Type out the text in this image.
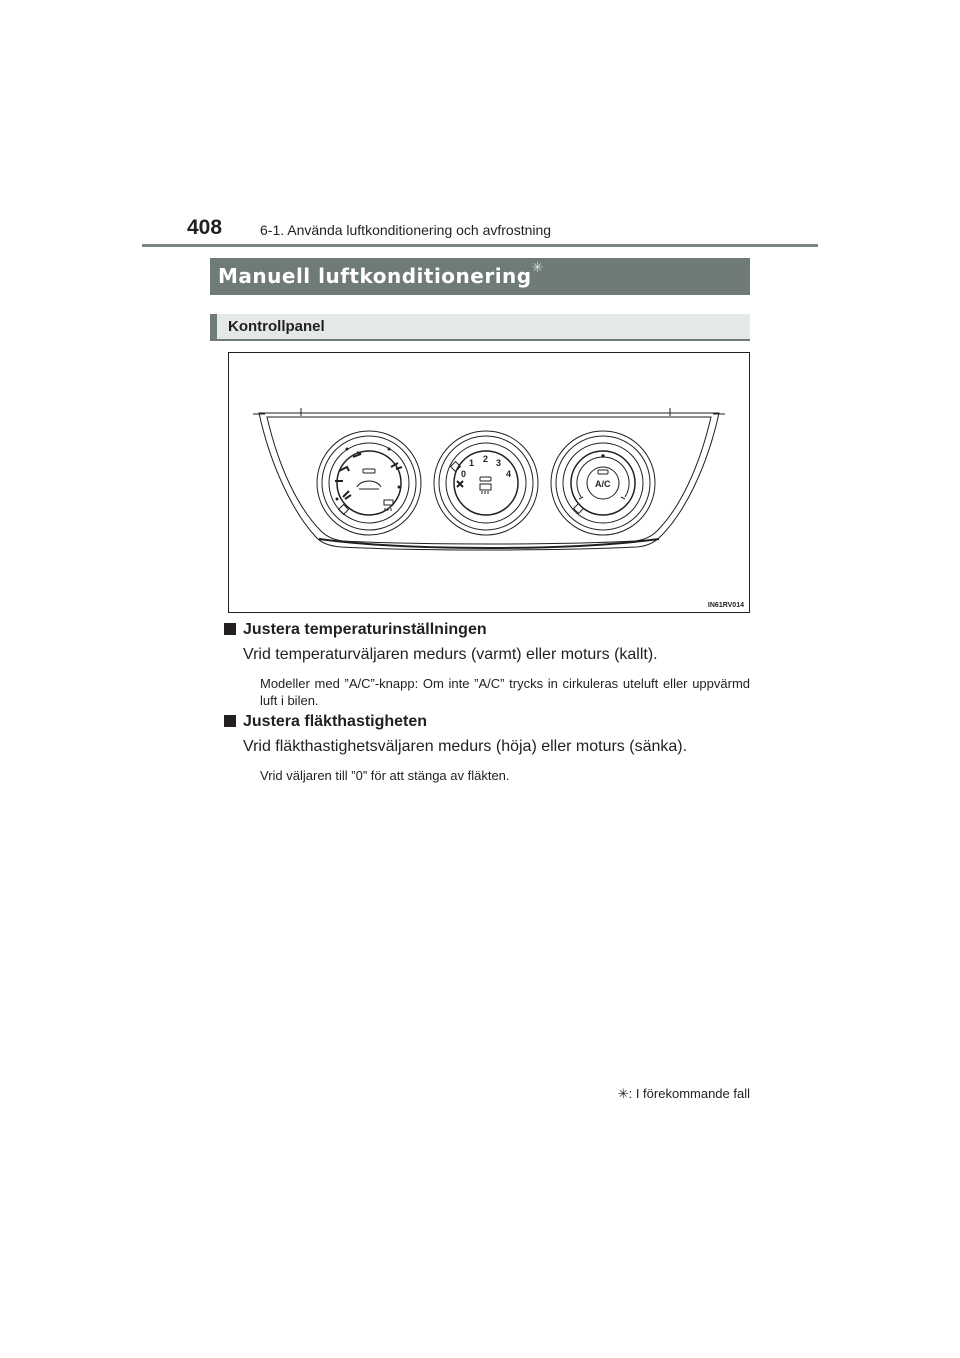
408	6-1. Använda luftkonditionering och avfrostning
Manuell luftkonditionering✳
Kontrollpanel
0
1 2 3
4
A/C
IN61RV014
Justera temperaturinställningen
Vrid temperaturväljaren medurs (varmt) eller moturs (kallt).
Modeller med ”A/C”-knapp: Om inte ”A/C” trycks in cirkuleras uteluft eller uppvärmd luft i bilen.
Justera fläkthastigheten
Vrid fläkthastighetsväljaren medurs (höja) eller moturs (sänka).
Vrid väljaren till ”0” för att stänga av fläkten.
✳: I förekommande fall
